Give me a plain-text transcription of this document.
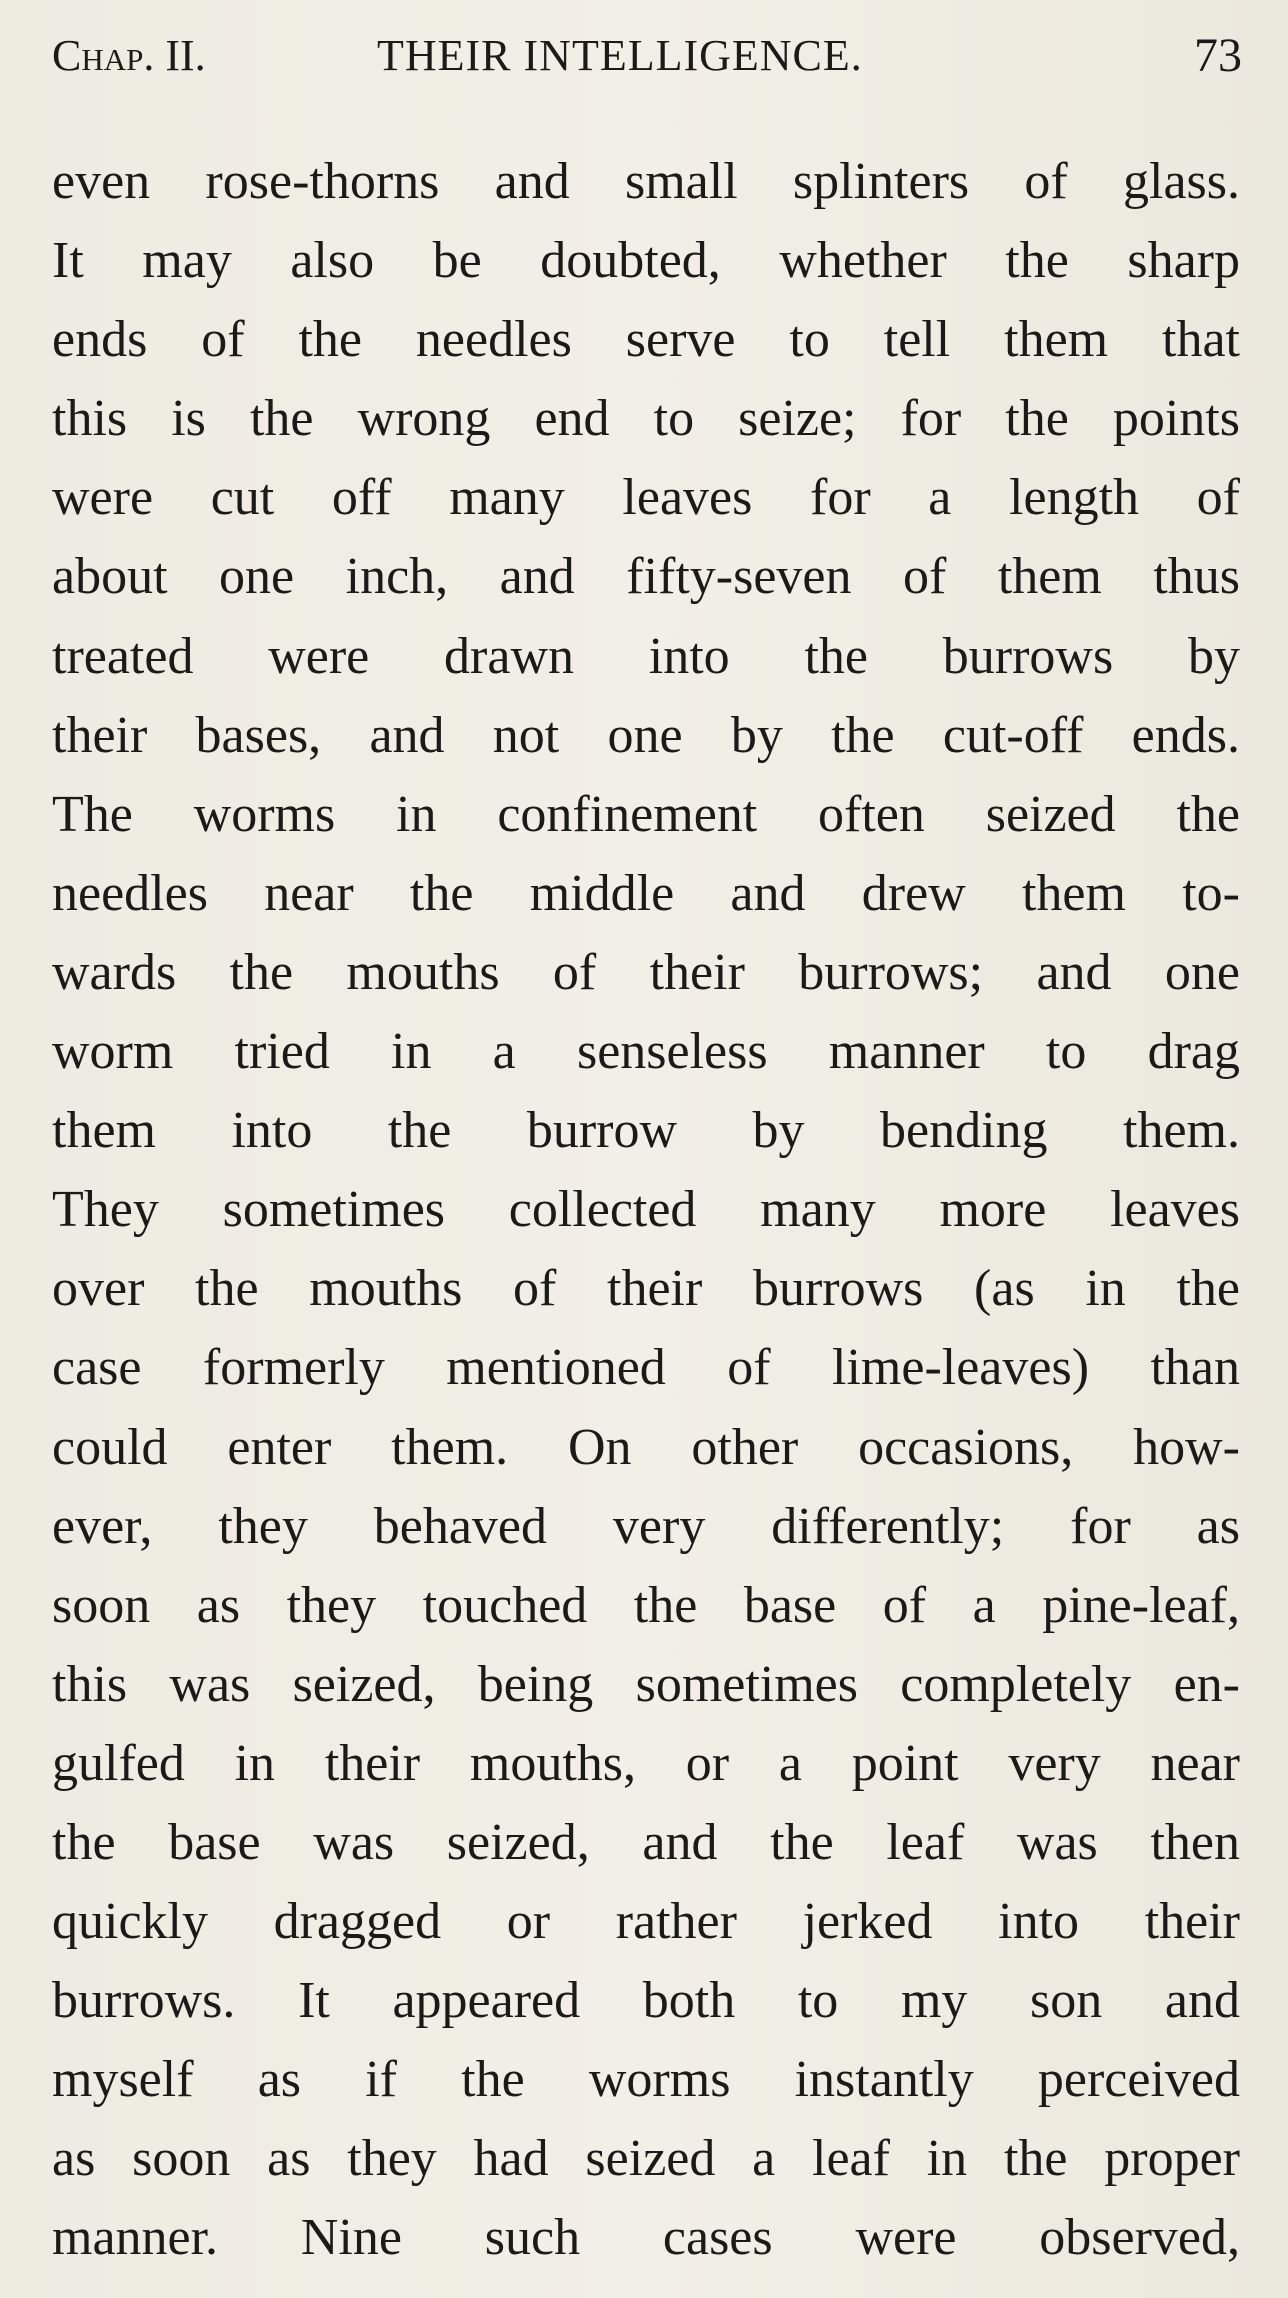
Chap. II.	THEIR INTELLIGENCE.	73
even rose-thorns and small splinters of glass.
It may also be doubted, whether the sharp
ends of the needles serve to tell them that
this is the wrong end to seize; for the points
were cut off many leaves for a length of
about one inch, and fifty-seven of them thus
treated were drawn into the burrows by
their bases, and not one by the cut-off ends.
The worms in confinement often seized the
needles near the middle and drew them to-
wards the mouths of their burrows; and one
worm tried in a senseless manner to drag
them into the burrow by bending them.
They sometimes collected many more leaves
over the mouths of their burrows (as in the
case formerly mentioned of lime-leaves) than
could enter them. On other occasions, how-
ever, they behaved very differently; for as
soon as they touched the base of a pine-leaf,
this was seized, being sometimes completely en-
gulfed in their mouths, or a point very near
the base was seized, and the leaf was then
quickly dragged or rather jerked into their
burrows. It appeared both to my son and
myself as if the worms instantly perceived
as soon as they had seized a leaf in the proper
manner. Nine such cases were observed,
